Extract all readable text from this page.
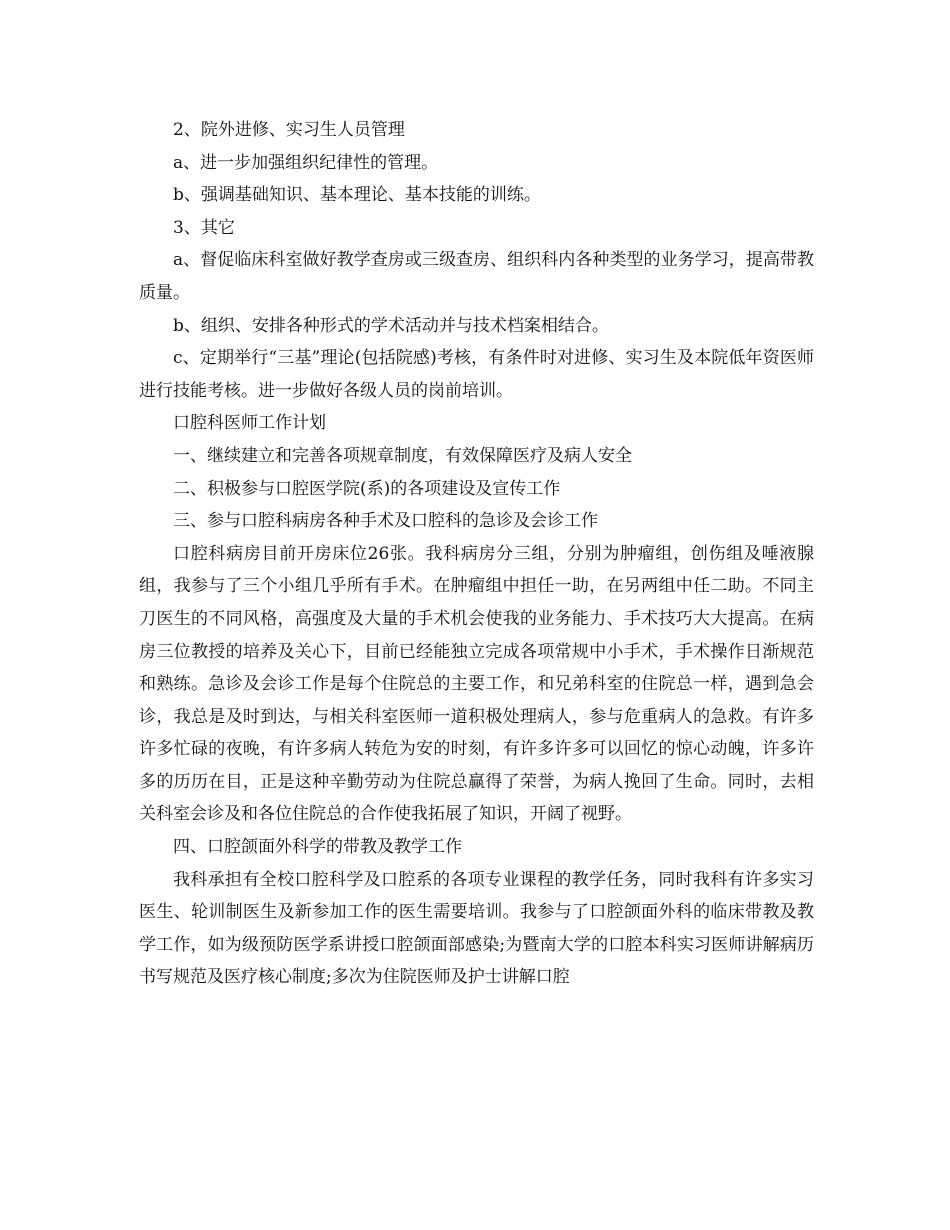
2、院外进修、实习生人员管理

a、进一步加强组织纪律性的管理。

b、强调基础知识、基本理论、基本技能的训练。

3、其它

a、督促临床科室做好教学查房或三级查房、组织科内各种类型的业务学习，提高带教质量。

b、组织、安排各种形式的学术活动并与技术档案相结合。

c、定期举行“三基”理论(包括院感)考核，有条件时对进修、实习生及本院低年资医师进行技能考核。进一步做好各级人员的岗前培训。

口腔科医师工作计划

一、继续建立和完善各项规章制度，有效保障医疗及病人安全

二、积极参与口腔医学院(系)的各项建设及宣传工作

三、参与口腔科病房各种手术及口腔科的急诊及会诊工作

口腔科病房目前开房床位26张。我科病房分三组，分别为肿瘤组，创伤组及唾液腺组，我参与了三个小组几乎所有手术。在肿瘤组中担任一助，在另两组中任二助。不同主刀医生的不同风格，高强度及大量的手术机会使我的业务能力、手术技巧大大提高。在病房三位教授的培养及关心下，目前已经能独立完成各项常规中小手术，手术操作日渐规范和熟练。急诊及会诊工作是每个住院总的主要工作，和兄弟科室的住院总一样，遇到急会诊，我总是及时到达，与相关科室医师一道积极处理病人，参与危重病人的急救。有许多许多忙碌的夜晚，有许多病人转危为安的时刻，有许多许多可以回忆的惊心动魄，许多许多的历历在目，正是这种辛勤劳动为住院总赢得了荣誉，为病人挽回了生命。同时，去相关科室会诊及和各位住院总的合作使我拓展了知识，开阔了视野。

四、口腔颌面外科学的带教及教学工作

我科承担有全校口腔科学及口腔系的各项专业课程的教学任务，同时我科有许多实习医生、轮训制医生及新参加工作的医生需要培训。我参与了口腔颌面外科的临床带教及教学工作，如为级预防医学系讲授口腔颌面部感染;为暨南大学的口腔本科实习医师讲解病历书写规范及医疗核心制度;多次为住院医师及护士讲解口腔
